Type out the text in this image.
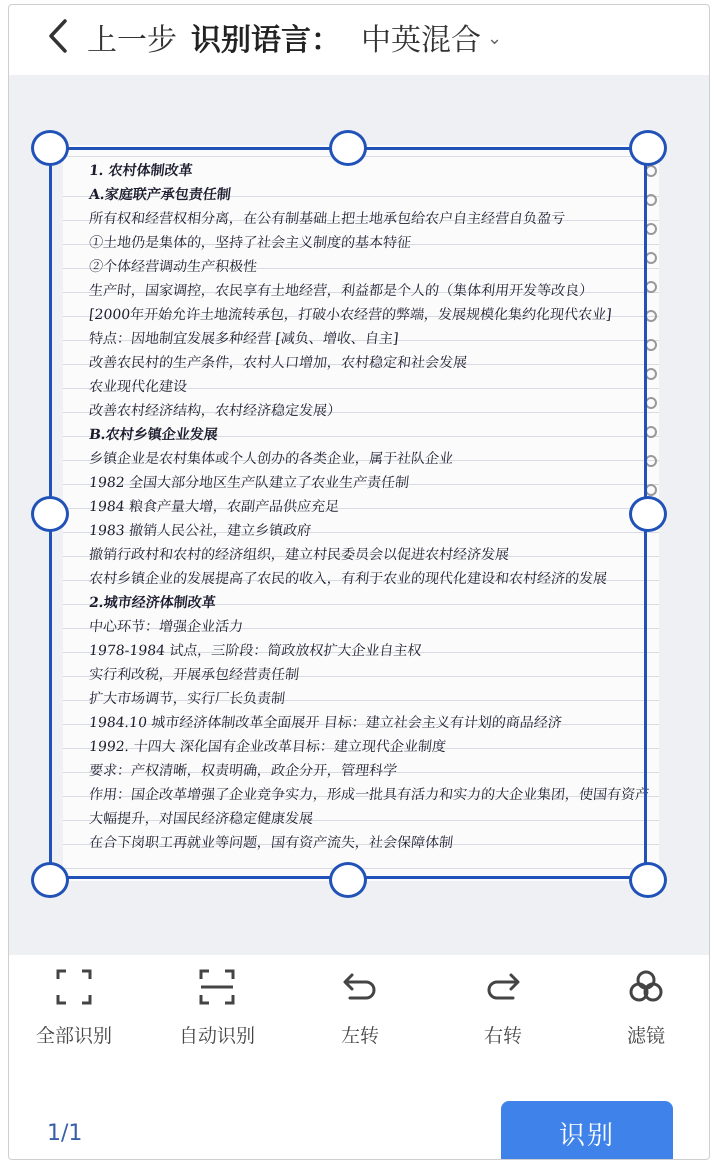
上一步 识别语言： 中英混合 ⌄
1. 农村体制改革
A.家庭联产承包责任制
所有权和经营权相分离，在公有制基础上把土地承包给农户自主经营自负盈亏
①土地仍是集体的，坚持了社会主义制度的基本特征
②个体经营调动生产积极性
生产时，国家调控，农民享有土地经营，利益都是个人的（集体利用开发等改良）
[2000年开始允许土地流转承包，打破小农经营的弊端，发展规模化集约化现代农业]
特点：因地制宜发展多种经营 [减负、增收、自主]
改善农民村的生产条件，农村人口增加，农村稳定和社会发展
农业现代化建设
改善农村经济结构，农村经济稳定发展）
B.农村乡镇企业发展
乡镇企业是农村集体或个人创办的各类企业，属于社队企业
1982 全国大部分地区生产队建立了农业生产责任制
1984 粮食产量大增，农副产品供应充足
1983 撤销人民公社，建立乡镇政府
撤销行政村和农村的经济组织，建立村民委员会以促进农村经济发展
农村乡镇企业的发展提高了农民的收入，有利于农业的现代化建设和农村经济的发展
2.城市经济体制改革
中心环节：增强企业活力
1978-1984 试点，三阶段：简政放权扩大企业自主权
实行利改税，开展承包经营责任制
扩大市场调节，实行厂长负责制
1984.10 城市经济体制改革全面展开 目标：建立社会主义有计划的商品经济
1992. 十四大 深化国有企业改革目标：建立现代企业制度
要求：产权清晰，权责明确，政企分开，管理科学
作用：国企改革增强了企业竞争实力，形成一批具有活力和实力的大企业集团，使国有资产
大幅提升，对国民经济稳定健康发展
在合下岗职工再就业等问题，国有资产流失，社会保障体制
全部识别	自动识别	左转	右转	滤镜
1/1	识别
